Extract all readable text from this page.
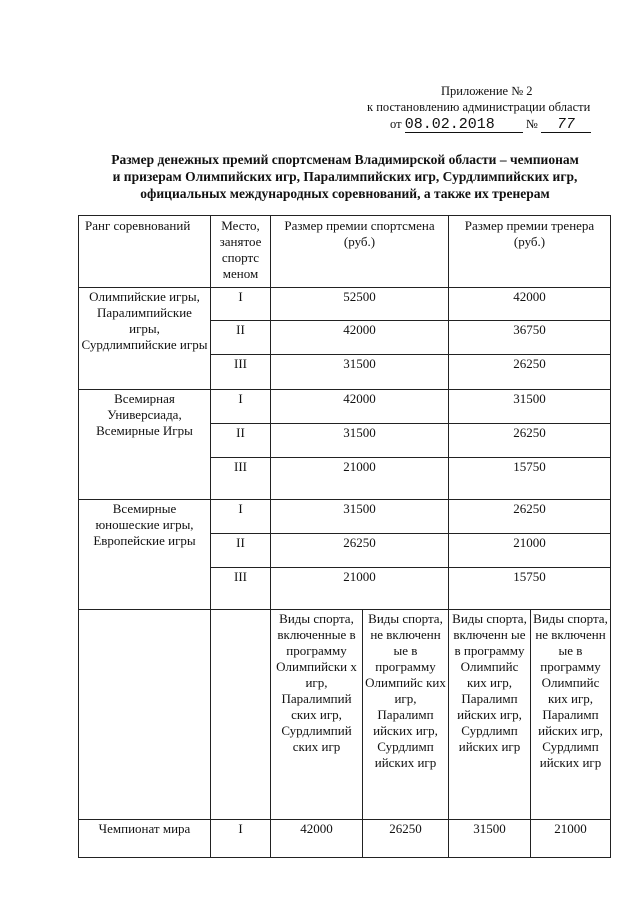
Приложение № 2
к постановлению администрации области
от 08.02.2018 № 77
Размер денежных премий спортсменам Владимирской области – чемпионам
и призерам Олимпийских игр, Паралимпийских игр, Сурдлимпийских игр,
официальных международных соревнований, а также их тренерам
Ранг соревнований	Место, занятое спортс меном	Размер премии спортсмена (руб.)		Размер премии тренера (руб.)	
Олимпийские игры, Паралимпийские игры, Сурдлимпийские игры	I	52500		42000	
	II	42000		36750	
	III	31500		26250	
Всемирная Универсиада, Всемирные Игры	I	42000		31500	
	II	31500		26250	
	III	21000		15750	
Всемирные юношеские игры, Европейские игры	I	31500		26250	
	II	26250		21000	
	III	21000		15750	
		Виды спорта, включенные в программу Олимпийски х игр, Паралимпий ских игр, Сурдлимпий ских игр	Виды спорта, не включенн ые в программу Олимпийс ких игр, Паралимп ийских игр, Сурдлимп ийских игр	Виды спорта, включенн ые в программу Олимпийс ких игр, Паралимп ийских игр, Сурдлимп ийских игр	Виды спорта, не включенн ые в программу Олимпийс ких игр, Паралимп ийских игр, Сурдлимп ийских игр
Чемпионат мира	I	42000	26250	31500	21000
